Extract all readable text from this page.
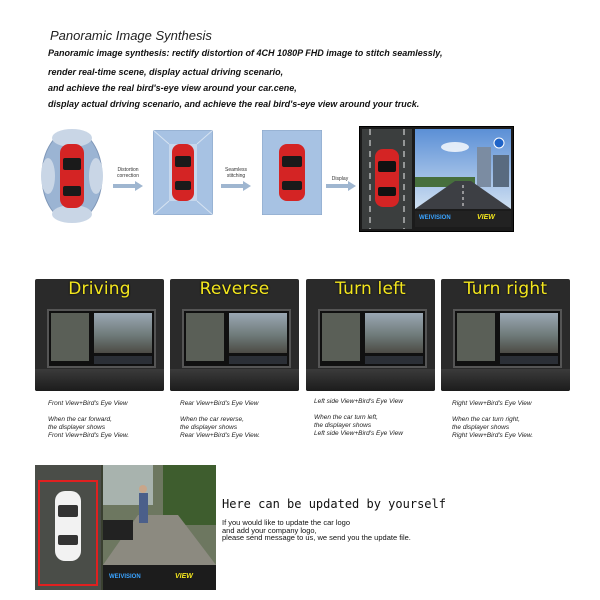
Panoramic Image Synthesis
Panoramic image synthesis: rectify distortion of 4CH 1080P FHD image to stitch seamlessly,
render real-time scene, display actual driving scenario,
and achieve the real bird's-eye view around your car.cene,
display actual driving scenario, and achieve the real bird's-eye view around your truck.
Distortion correction
Seamless stitching	Display
WEIVISION	VIEW
Driving	Reverse	Turn left	Turn right
Front View+Bird's Eye View
When the car forward,
the displayer shows
Front View+Bird's Eye View.
Rear View+Bird's Eye View
When the car reverse,
the displayer shows
Rear View+Bird's Eye View.
Left side View+Bird's Eye View
When the car turn left,
the displayer shows
Left side View+Bird's Eye View
Right View+Bird's Eye View
When the car turn right,
the displayer shows
Right View+Bird's Eye View.
WEIVISION	VIEW
Here can be updated by yourself
If you would like to update the car logo
and add your company logo,
please send message to us, we send you the update file.
